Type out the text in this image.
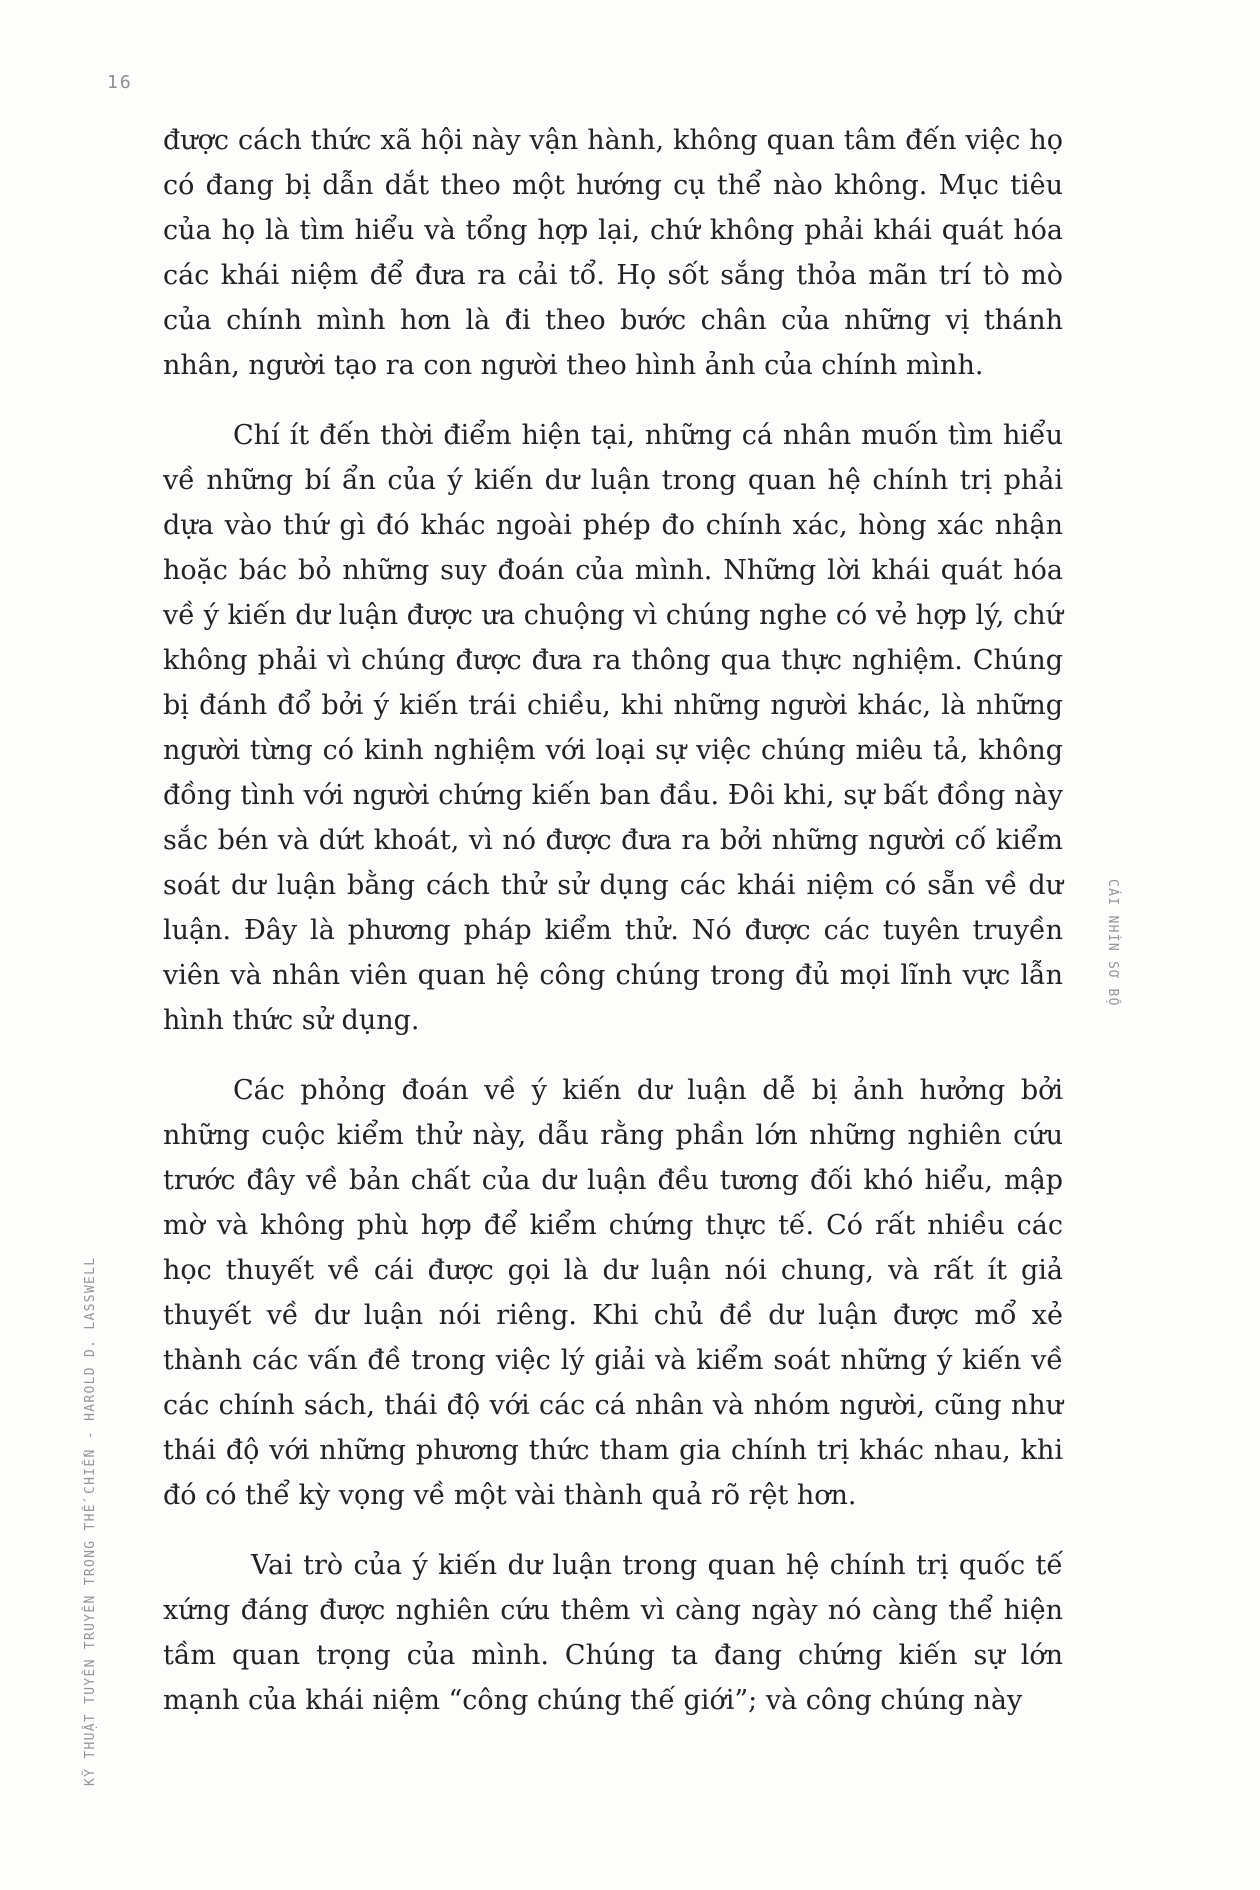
16
KỸ THUẬT TUYÊN TRUYỀN TRONG THẾ CHIẾN - HAROLD D. LASSWELL
CÁI NHÌN SƠ BỘ

được cách thức xã hội này vận hành, không quan tâm đến việc họ có đang bị dẫn dắt theo một hướng cụ thể nào không. Mục tiêu của họ là tìm hiểu và tổng hợp lại, chứ không phải khái quát hóa các khái niệm để đưa ra cải tổ. Họ sốt sắng thỏa mãn trí tò mò của chính mình hơn là đi theo bước chân của những vị thánh nhân, người tạo ra con người theo hình ảnh của chính mình.

Chí ít đến thời điểm hiện tại, những cá nhân muốn tìm hiểu về những bí ẩn của ý kiến dư luận trong quan hệ chính trị phải dựa vào thứ gì đó khác ngoài phép đo chính xác, hòng xác nhận hoặc bác bỏ những suy đoán của mình. Những lời khái quát hóa về ý kiến dư luận được ưa chuộng vì chúng nghe có vẻ hợp lý, chứ không phải vì chúng được đưa ra thông qua thực nghiệm. Chúng bị đánh đổ bởi ý kiến trái chiều, khi những người khác, là những người từng có kinh nghiệm với loại sự việc chúng miêu tả, không đồng tình với người chứng kiến ban đầu. Đôi khi, sự bất đồng này sắc bén và dứt khoát, vì nó được đưa ra bởi những người cố kiểm soát dư luận bằng cách thử sử dụng các khái niệm có sẵn về dư luận. Đây là phương pháp kiểm thử. Nó được các tuyên truyền viên và nhân viên quan hệ công chúng trong đủ mọi lĩnh vực lẫn hình thức sử dụng.

Các phỏng đoán về ý kiến dư luận dễ bị ảnh hưởng bởi những cuộc kiểm thử này, dẫu rằng phần lớn những nghiên cứu trước đây về bản chất của dư luận đều tương đối khó hiểu, mập mờ và không phù hợp để kiểm chứng thực tế. Có rất nhiều các học thuyết về cái được gọi là dư luận nói chung, và rất ít giả thuyết về dư luận nói riêng. Khi chủ đề dư luận được mổ xẻ thành các vấn đề trong việc lý giải và kiểm soát những ý kiến về các chính sách, thái độ với các cá nhân và nhóm người, cũng như thái độ với những phương thức tham gia chính trị khác nhau, khi đó có thể kỳ vọng về một vài thành quả rõ rệt hơn.

Vai trò của ý kiến dư luận trong quan hệ chính trị quốc tế xứng đáng được nghiên cứu thêm vì càng ngày nó càng thể hiện tầm quan trọng của mình. Chúng ta đang chứng kiến sự lớn mạnh của khái niệm “công chúng thế giới”; và công chúng này
